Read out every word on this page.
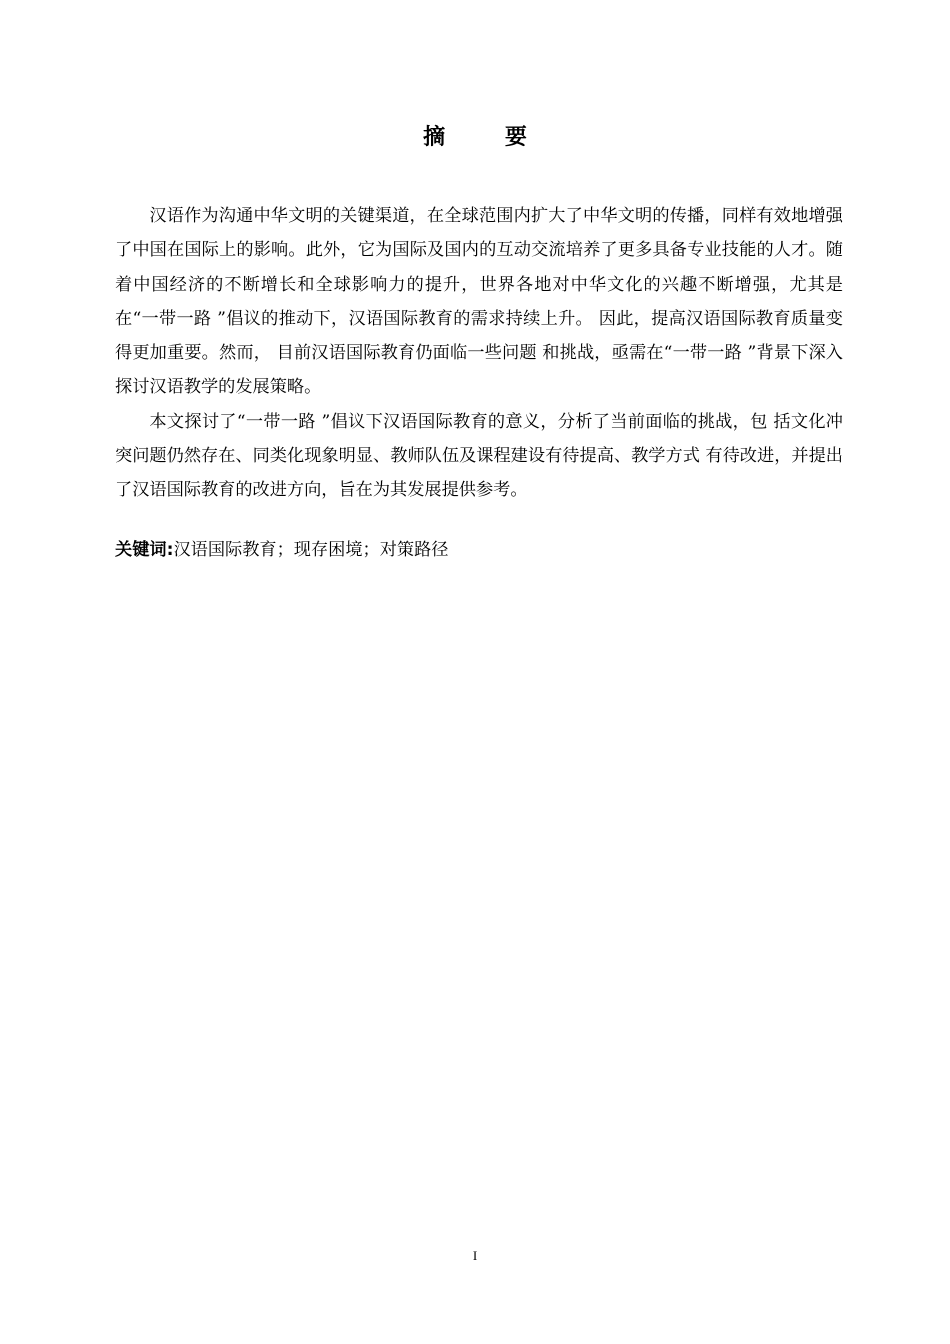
摘 要

汉语作为沟通中华文明的关键渠道，在全球范围内扩大了中华文明的传播，同样有效地增强了中国在国际上的影响。此外，它为国际及国内的互动交流培养了更多具备专业技能的人才。随着中国经济的不断增长和全球影响力的提升，世界各地对中华文化的兴趣不断增强，尤其是在“一带一路 ”倡议的推动下，汉语国际教育的需求持续上升。 因此，提高汉语国际教育质量变得更加重要。然而， 目前汉语国际教育仍面临一些问题 和挑战，亟需在“一带一路 ”背景下深入探讨汉语教学的发展策略。

本文探讨了“一带一路 ”倡议下汉语国际教育的意义，分析了当前面临的挑战，包 括文化冲突问题仍然存在、同类化现象明显、教师队伍及课程建设有待提高、教学方式 有待改进，并提出了汉语国际教育的改进方向，旨在为其发展提供参考。

关键词:汉语国际教育；现存困境；对策路径
I
